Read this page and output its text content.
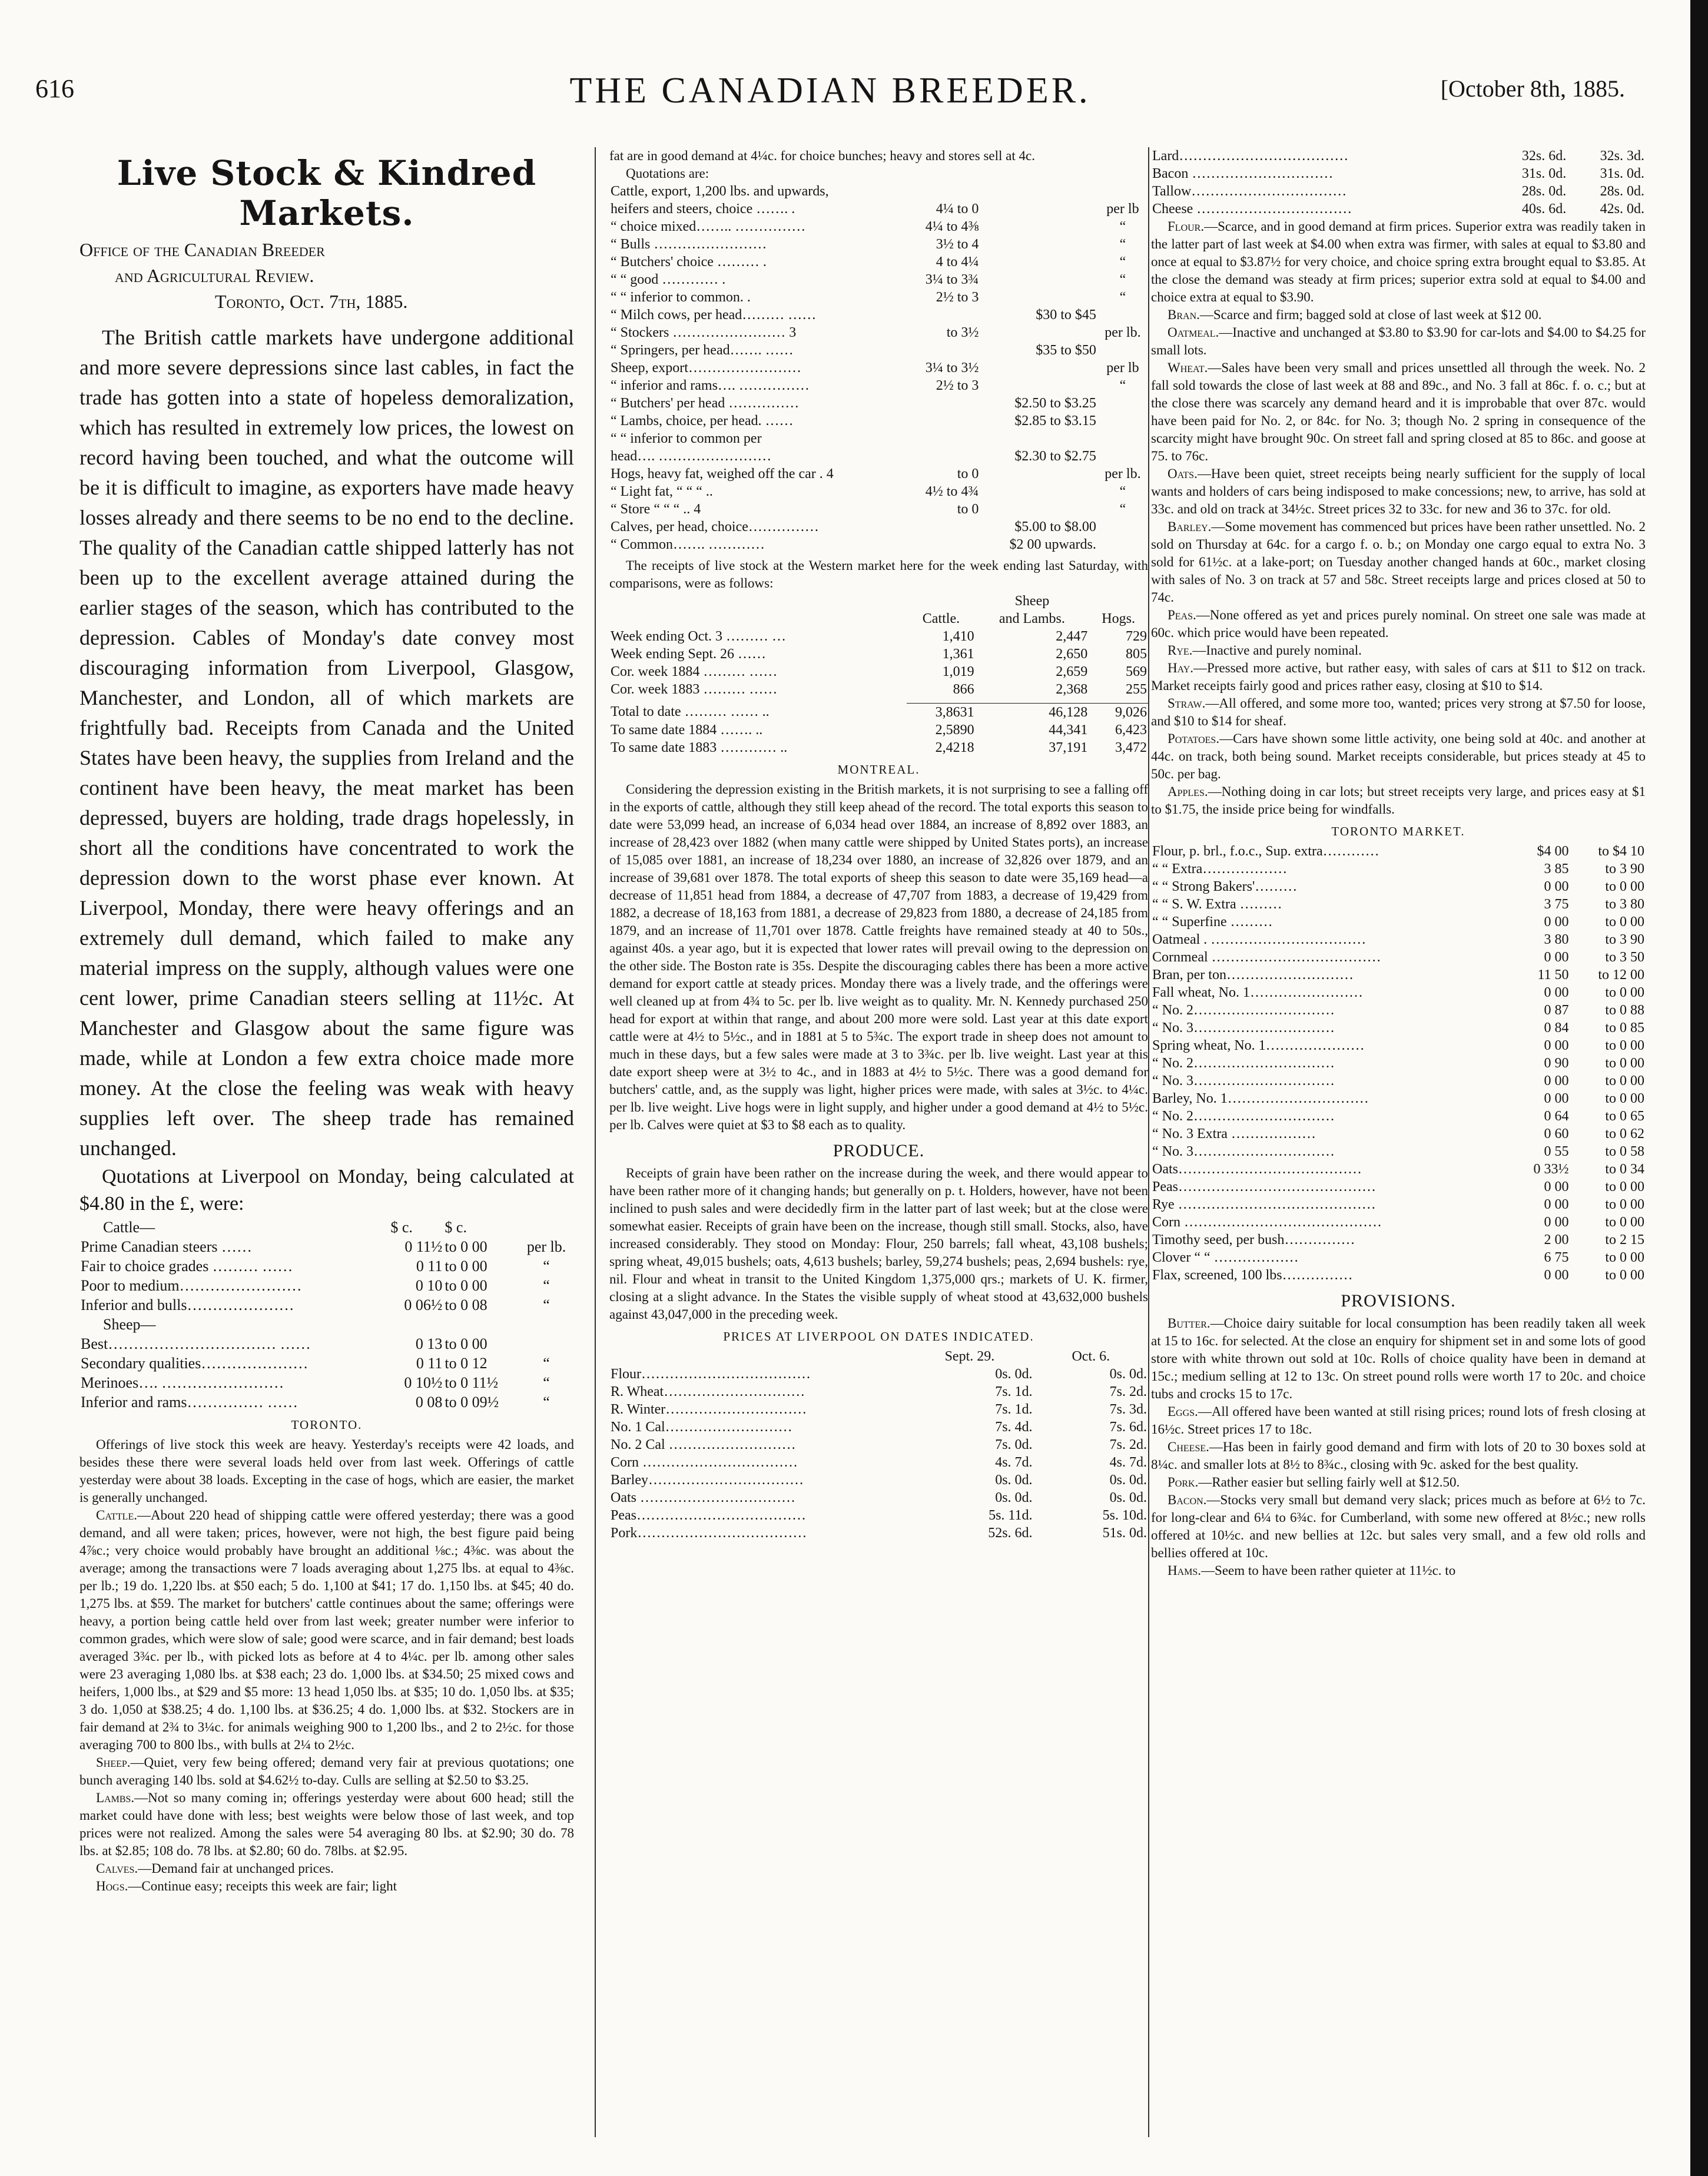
616	THE CANADIAN BREEDER.	[October 8th, 1885.
Live Stock & Kindred Markets.
Office of the Canadian Breeder
and Agricultural Review.
Toronto, Oct. 7th, 1885.

The British cattle markets have undergone additional and more severe depressions since last cables, in fact the trade has gotten into a state of hopeless demoralization, which has resulted in extremely low prices, the lowest on record having been touched, and what the outcome will be it is difficult to imagine, as exporters have made heavy losses already and there seems to be no end to the decline. The quality of the Canadian cattle shipped latterly has not been up to the excellent average attained during the earlier stages of the season, which has contributed to the depression. Cables of Monday's date convey most discouraging information from Liverpool, Glasgow, Manchester, and London, all of which markets are frightfully bad. Receipts from Canada and the United States have been heavy, the supplies from Ireland and the continent have been heavy, the meat market has been depressed, buyers are holding, trade drags hopelessly, in short all the conditions have concentrated to work the depression down to the worst phase ever known. At Liverpool, Monday, there were heavy offerings and an extremely dull demand, which failed to make any material impress on the supply, although values were one cent lower, prime Canadian steers selling at 11½c. At Manchester and Glasgow about the same figure was made, while at London a few extra choice made more money. At the close the feeling was weak with heavy supplies left over. The sheep trade has remained unchanged.

Quotations at Liverpool on Monday, being calculated at $4.80 in the £, were:

Cattle—	$ c.	$ c.	
Prime Canadian steers ……	0 11½	to 0 00	per lb.
Fair to choice grades ……… ……	0 11	to 0 00	“
Poor to medium……………………	0 10	to 0 00	“
Inferior and bulls…………………	0 06½	to 0 08	“
Sheep—			
Best…………………………… ……	0 13	to 0 00	
Secondary qualities…………………	0 11	to 0 12	“
Merinoes…. ……………………	0 10½	to 0 11½	“
Inferior and rams…………… ……	0 08	to 0 09½	“
TORONTO.

Offerings of live stock this week are heavy. Yesterday's receipts were 42 loads, and besides these there were several loads held over from last week. Offerings of cattle yesterday were about 38 loads. Excepting in the case of hogs, which are easier, the market is generally unchanged.

Cattle.—About 220 head of shipping cattle were offered yesterday; there was a good demand, and all were taken; prices, however, were not high, the best figure paid being 4⅞c.; very choice would probably have brought an additional ⅛c.; 4⅜c. was about the average; among the transactions were 7 loads averaging about 1,275 lbs. at equal to 4⅜c. per lb.; 19 do. 1,220 lbs. at $50 each; 5 do. 1,100 at $41; 17 do. 1,150 lbs. at $45; 40 do. 1,275 lbs. at $59. The market for butchers' cattle continues about the same; offerings were heavy, a portion being cattle held over from last week; greater number were inferior to common grades, which were slow of sale; good were scarce, and in fair demand; best loads averaged 3¾c. per lb., with picked lots as before at 4 to 4¼c. per lb. among other sales were 23 averaging 1,080 lbs. at $38 each; 23 do. 1,000 lbs. at $34.50; 25 mixed cows and heifers, 1,000 lbs., at $29 and $5 more: 13 head 1,050 lbs. at $35; 10 do. 1,050 lbs. at $35; 3 do. 1,050 at $38.25; 4 do. 1,100 lbs. at $36.25; 4 do. 1,000 lbs. at $32. Stockers are in fair demand at 2¾ to 3¼c. for animals weighing 900 to 1,200 lbs., and 2 to 2½c. for those averaging 700 to 800 lbs., with bulls at 2¼ to 2½c.

Sheep.—Quiet, very few being offered; demand very fair at previous quotations; one bunch averaging 140 lbs. sold at $4.62½ to-day. Culls are selling at $2.50 to $3.25.

Lambs.—Not so many coming in; offerings yesterday were about 600 head; still the market could have done with less; best weights were below those of last week, and top prices were not realized. Among the sales were 54 averaging 80 lbs. at $2.90; 30 do. 78 lbs. at $2.85; 108 do. 78 lbs. at $2.80; 60 do. 78lbs. at $2.95.

Calves.—Demand fair at unchanged prices.

Hogs.—Continue easy; receipts this week are fair; light

fat are in good demand at 4¼c. for choice bunches; heavy and stores sell at 4c.

Quotations are:
Cattle, export, 1,200 lbs. and upwards,			
heifers and steers, choice ……. .	4¼ to 0		per lb
“ choice mixed…….. ……………	4¼ to 4⅜		“
“ Bulls ……………………	3½ to 4		“
“ Butchers' choice ……… .	4 to 4¼		“
“ “ good ………… .	3¼ to 3¾		“
“ “ inferior to common. .	2½ to 3		“
“ Milch cows, per head……… ……		$30 to $45	
“ Stockers …………………… 3	to 3½		per lb.
“ Springers, per head……. ……		$35 to $50	
Sheep, export……………………	3¼ to 3½		per lb
“ inferior and rams…. ……………	2½ to 3		“
“ Butchers' per head ……………		$2.50 to $3.25	
“ Lambs, choice, per head. ……		$2.85 to $3.15	
“ “ inferior to common per			
head…. ……………………		$2.30 to $2.75	
Hogs, heavy fat, weighed off the car . 4	to 0		per lb.
“ Light fat, “ “ “ ..	4½ to 4¾		“
“ Store “ “ “ .. 4	to 0		“
Calves, per head, choice……………		$5.00 to $8.00	
“ Common……. …………		$2 00 upwards.	

The receipts of live stock at the Western market here for the week ending last Saturday, with comparisons, were as follows:

		Sheep	
	Cattle.	and Lambs.	Hogs.
Week ending Oct. 3 ……… …	1,410	2,447	729
Week ending Sept. 26 ……	1,361	2,650	805
Cor. week 1884 ……… ……	1,019	2,659	569
Cor. week 1883 ……… ……	866	2,368	255

Total to date ……… …… ..	3,8631	46,128	9,026
To same date 1884 ……. ..	2,5890	44,341	6,423
To same date 1883 ………… ..	2,4218	37,191	3,472
MONTREAL.

Considering the depression existing in the British markets, it is not surprising to see a falling off in the exports of cattle, although they still keep ahead of the record. The total exports this season to date were 53,099 head, an increase of 6,034 head over 1884, an increase of 8,892 over 1883, an increase of 28,423 over 1882 (when many cattle were shipped by United States ports), an increase of 15,085 over 1881, an increase of 18,234 over 1880, an increase of 32,826 over 1879, and an increase of 39,681 over 1878. The total exports of sheep this season to date were 35,169 head—a decrease of 11,851 head from 1884, a decrease of 47,707 from 1883, a decrease of 19,429 from 1882, a decrease of 18,163 from 1881, a decrease of 29,823 from 1880, a decrease of 24,185 from 1879, and an increase of 11,701 over 1878. Cattle freights have remained steady at 40 to 50s., against 40s. a year ago, but it is expected that lower rates will prevail owing to the depression on the other side. The Boston rate is 35s. Despite the discouraging cables there has been a more active demand for export cattle at steady prices. Monday there was a lively trade, and the offerings were well cleaned up at from 4¾ to 5c. per lb. live weight as to quality. Mr. N. Kennedy purchased 250 head for export at within that range, and about 200 more were sold. Last year at this date export cattle were at 4½ to 5½c., and in 1881 at 5 to 5¾c. The export trade in sheep does not amount to much in these days, but a few sales were made at 3 to 3¾c. per lb. live weight. Last year at this date export sheep were at 3½ to 4c., and in 1883 at 4½ to 5½c. There was a good demand for butchers' cattle, and, as the supply was light, higher prices were made, with sales at 3½c. to 4¼c. per lb. live weight. Live hogs were in light supply, and higher under a good demand at 4½ to 5½c. per lb. Calves were quiet at $3 to $8 each as to quality.

PRODUCE.

Receipts of grain have been rather on the increase during the week, and there would appear to have been rather more of it changing hands; but generally on p. t. Holders, however, have not been inclined to push sales and were decidedly firm in the latter part of last week; but at the close were somewhat easier. Receipts of grain have been on the increase, though still small. Stocks, also, have increased considerably. They stood on Monday: Flour, 250 barrels; fall wheat, 43,108 bushels; spring wheat, 49,015 bushels; oats, 4,613 bushels; barley, 59,274 bushels; peas, 2,694 bushels: rye, nil. Flour and wheat in transit to the United Kingdom 1,375,000 qrs.; markets of U. K. firmer, closing at a slight advance. In the States the visible supply of wheat stood at 43,632,000 bushels against 43,047,000 in the preceding week.

PRICES AT LIVERPOOL ON DATES INDICATED.
	Sept. 29.	Oct. 6.
Flour………………………………	0s. 0d.	0s. 0d.
R. Wheat…………………………	7s. 1d.	7s. 2d.
R. Winter…………………………	7s. 1d.	7s. 3d.
No. 1 Cal………………………	7s. 4d.	7s. 6d.
No. 2 Cal ………………………	7s. 0d.	7s. 2d.
Corn ……………………………	4s. 7d.	4s. 7d.
Barley……………………………	0s. 0d.	0s. 0d.
Oats ……………………………	0s. 0d.	0s. 0d.
Peas………………………………	5s. 11d.	5s. 10d.
Pork………………………………	52s. 6d.	51s. 0d.
Lard………………………………	32s. 6d.	32s. 3d.
Bacon …………………………	31s. 0d.	31s. 0d.
Tallow……………………………	28s. 0d.	28s. 0d.
Cheese ……………………………	40s. 6d.	42s. 0d.

Flour.—Scarce, and in good demand at firm prices. Superior extra was readily taken in the latter part of last week at $4.00 when extra was firmer, with sales at equal to $3.80 and once at equal to $3.87½ for very choice, and choice spring extra brought equal to $3.85. At the close the demand was steady at firm prices; superior extra sold at equal to $4.00 and choice extra at equal to $3.90.

Bran.—Scarce and firm; bagged sold at close of last week at $12 00.

Oatmeal.—Inactive and unchanged at $3.80 to $3.90 for car-lots and $4.00 to $4.25 for small lots.

Wheat.—Sales have been very small and prices unsettled all through the week. No. 2 fall sold towards the close of last week at 88 and 89c., and No. 3 fall at 86c. f. o. c.; but at the close there was scarcely any demand heard and it is improbable that over 87c. would have been paid for No. 2, or 84c. for No. 3; though No. 2 spring in consequence of the scarcity might have brought 90c. On street fall and spring closed at 85 to 86c. and goose at 75. to 76c.

Oats.—Have been quiet, street receipts being nearly sufficient for the supply of local wants and holders of cars being indisposed to make concessions; new, to arrive, has sold at 33c. and old on track at 34½c. Street prices 32 to 33c. for new and 36 to 37c. for old.

Barley.—Some movement has commenced but prices have been rather unsettled. No. 2 sold on Thursday at 64c. for a cargo f. o. b.; on Monday one cargo equal to extra No. 3 sold for 61½c. at a lake-port; on Tuesday another changed hands at 60c., market closing with sales of No. 3 on track at 57 and 58c. Street receipts large and prices closed at 50 to 74c.

Peas.—None offered as yet and prices purely nominal. On street one sale was made at 60c. which price would have been repeated.

Rye.—Inactive and purely nominal.

Hay.—Pressed more active, but rather easy, with sales of cars at $11 to $12 on track. Market receipts fairly good and prices rather easy, closing at $10 to $14.

Straw.—All offered, and some more too, wanted; prices very strong at $7.50 for loose, and $10 to $14 for sheaf.

Potatoes.—Cars have shown some little activity, one being sold at 40c. and another at 44c. on track, both being sound. Market receipts considerable, but prices steady at 45 to 50c. per bag.

Apples.—Nothing doing in car lots; but street receipts very large, and prices easy at $1 to $1.75, the inside price being for windfalls.

TORONTO MARKET.
Flour, p. brl., f.o.c., Sup. extra…………	$4 00	to $4 10
“ “ Extra………………	3 85	to 3 90
“ “ Strong Bakers'………	0 00	to 0 00
“ “ S. W. Extra ………	3 75	to 3 80
“ “ Superfine ………	0 00	to 0 00
Oatmeal . ……………………………	3 80	to 3 90
Cornmeal ………………………………	0 00	to 3 50
Bran, per ton………………………	11 50	to 12 00
Fall wheat, No. 1……………………	0 00	to 0 00
“ No. 2…………………………	0 87	to 0 88
“ No. 3…………………………	0 84	to 0 85
Spring wheat, No. 1…………………	0 00	to 0 00
“ No. 2…………………………	0 90	to 0 00
“ No. 3…………………………	0 00	to 0 00
Barley, No. 1…………………………	0 00	to 0 00
“ No. 2…………………………	0 64	to 0 65
“ No. 3 Extra ………………	0 60	to 0 62
“ No. 3…………………………	0 55	to 0 58
Oats…………………………………	0 33½	to 0 34
Peas……………………………………	0 00	to 0 00
Rye ……………………………………	0 00	to 0 00
Corn ……………………………………	0 00	to 0 00
Timothy seed, per bush……………	2 00	to 2 15
Clover “ “ ………………	6 75	to 0 00
Flax, screened, 100 lbs……………	0 00	to 0 00
PROVISIONS.

Butter.—Choice dairy suitable for local consumption has been readily taken all week at 15 to 16c. for selected. At the close an enquiry for shipment set in and some lots of good store with white thrown out sold at 10c. Rolls of choice quality have been in demand at 15c.; medium selling at 12 to 13c. On street pound rolls were worth 17 to 20c. and choice tubs and crocks 15 to 17c.

Eggs.—All offered have been wanted at still rising prices; round lots of fresh closing at 16½c. Street prices 17 to 18c.

Cheese.—Has been in fairly good demand and firm with lots of 20 to 30 boxes sold at 8¼c. and smaller lots at 8½ to 8¾c., closing with 9c. asked for the best quality.

Pork.—Rather easier but selling fairly well at $12.50.

Bacon.—Stocks very small but demand very slack; prices much as before at 6½ to 7c. for long-clear and 6¼ to 6¾c. for Cumberland, with some new offered at 8½c.; new rolls offered at 10½c. and new bellies at 12c. but sales very small, and a few old rolls and bellies offered at 10c.

Hams.—Seem to have been rather quieter at 11½c. to
